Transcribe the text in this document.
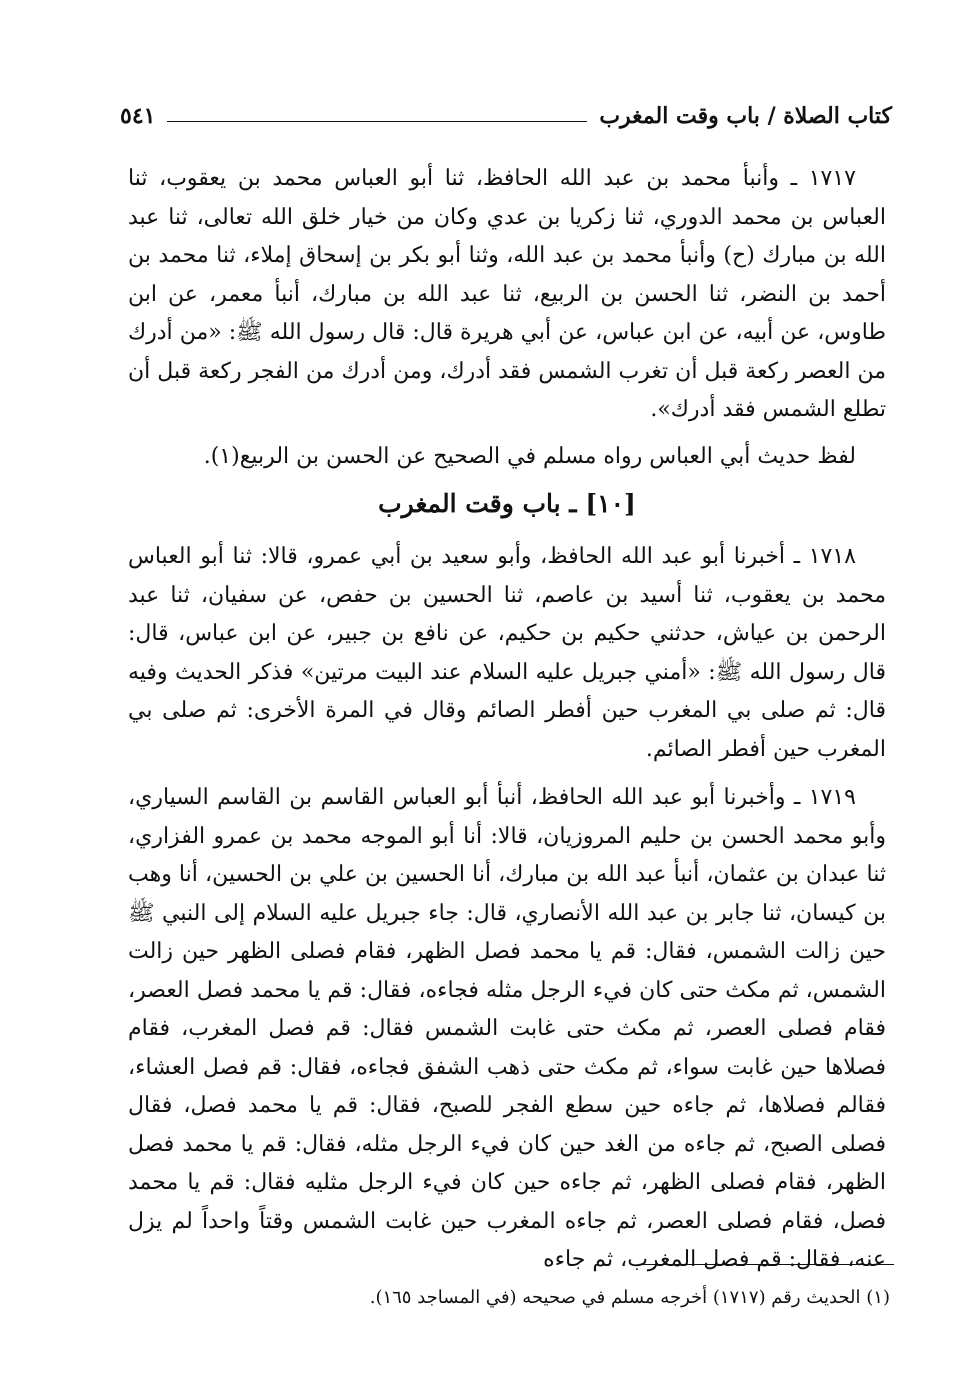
كتاب الصلاة / باب وقت المغرب
٥٤١

١٧١٧ ـ وأنبأ محمد بن عبد الله الحافظ، ثنا أبو العباس محمد بن يعقوب، ثنا العباس بن محمد الدوري، ثنا زكريا بن عدي وكان من خيار خلق الله تعالى، ثنا عبد الله بن مبارك (ح) وأنبأ محمد بن عبد الله، وثنا أبو بكر بن إسحاق إملاء، ثنا محمد بن أحمد بن النضر، ثنا الحسن بن الربيع، ثنا عبد الله بن مبارك، أنبأ معمر، عن ابن طاوس، عن أبيه، عن ابن عباس، عن أبي هريرة قال: قال رسول الله ﷺ: «من أدرك من العصر ركعة قبل أن تغرب الشمس فقد أدرك، ومن أدرك من الفجر ركعة قبل أن تطلع الشمس فقد أدرك».

لفظ حديث أبي العباس رواه مسلم في الصحيح عن الحسن بن الربيع(١).

[١٠] ـ باب وقت المغرب

١٧١٨ ـ أخبرنا أبو عبد الله الحافظ، وأبو سعيد بن أبي عمرو، قالا: ثنا أبو العباس محمد بن يعقوب، ثنا أسيد بن عاصم، ثنا الحسين بن حفص، عن سفيان، ثنا عبد الرحمن بن عياش، حدثني حكيم بن حكيم، عن نافع بن جبير، عن ابن عباس، قال: قال رسول الله ﷺ: «أمني جبريل عليه السلام عند البيت مرتين» فذكر الحديث وفيه قال: ثم صلى بي المغرب حين أفطر الصائم وقال في المرة الأخرى: ثم صلى بي المغرب حين أفطر الصائم.

١٧١٩ ـ وأخبرنا أبو عبد الله الحافظ، أنبأ أبو العباس القاسم بن القاسم السياري، وأبو محمد الحسن بن حليم المروزيان، قالا: أنا أبو الموجه محمد بن عمرو الفزاري، ثنا عبدان بن عثمان، أنبأ عبد الله بن مبارك، أنا الحسين بن علي بن الحسين، أنا وهب بن كيسان، ثنا جابر بن عبد الله الأنصاري، قال: جاء جبريل عليه السلام إلى النبي ﷺ حين زالت الشمس، فقال: قم يا محمد فصل الظهر، فقام فصلى الظهر حين زالت الشمس، ثم مكث حتى كان فيء الرجل مثله فجاءه، فقال: قم يا محمد فصل العصر، فقام فصلى العصر، ثم مكث حتى غابت الشمس فقال: قم فصل المغرب، فقام فصلاها حين غابت سواء، ثم مكث حتى ذهب الشفق فجاءه، فقال: قم فصل العشاء، فقالم فصلاها، ثم جاءه حين سطع الفجر للصبح، فقال: قم يا محمد فصل، فقال فصلى الصبح، ثم جاءه من الغد حين كان فيء الرجل مثله، فقال: قم يا محمد فصل الظهر، فقام فصلى الظهر، ثم جاءه حين كان فيء الرجل مثليه فقال: قم يا محمد فصل، فقام فصلى العصر، ثم جاءه المغرب حين غابت الشمس وقتاً واحداً لم يزل عنه، فقال: قم فصل المغرب، ثم جاءه

(١) الحديث رقم (١٧١٧) أخرجه مسلم في صحيحه (في المساجد ١٦٥).
